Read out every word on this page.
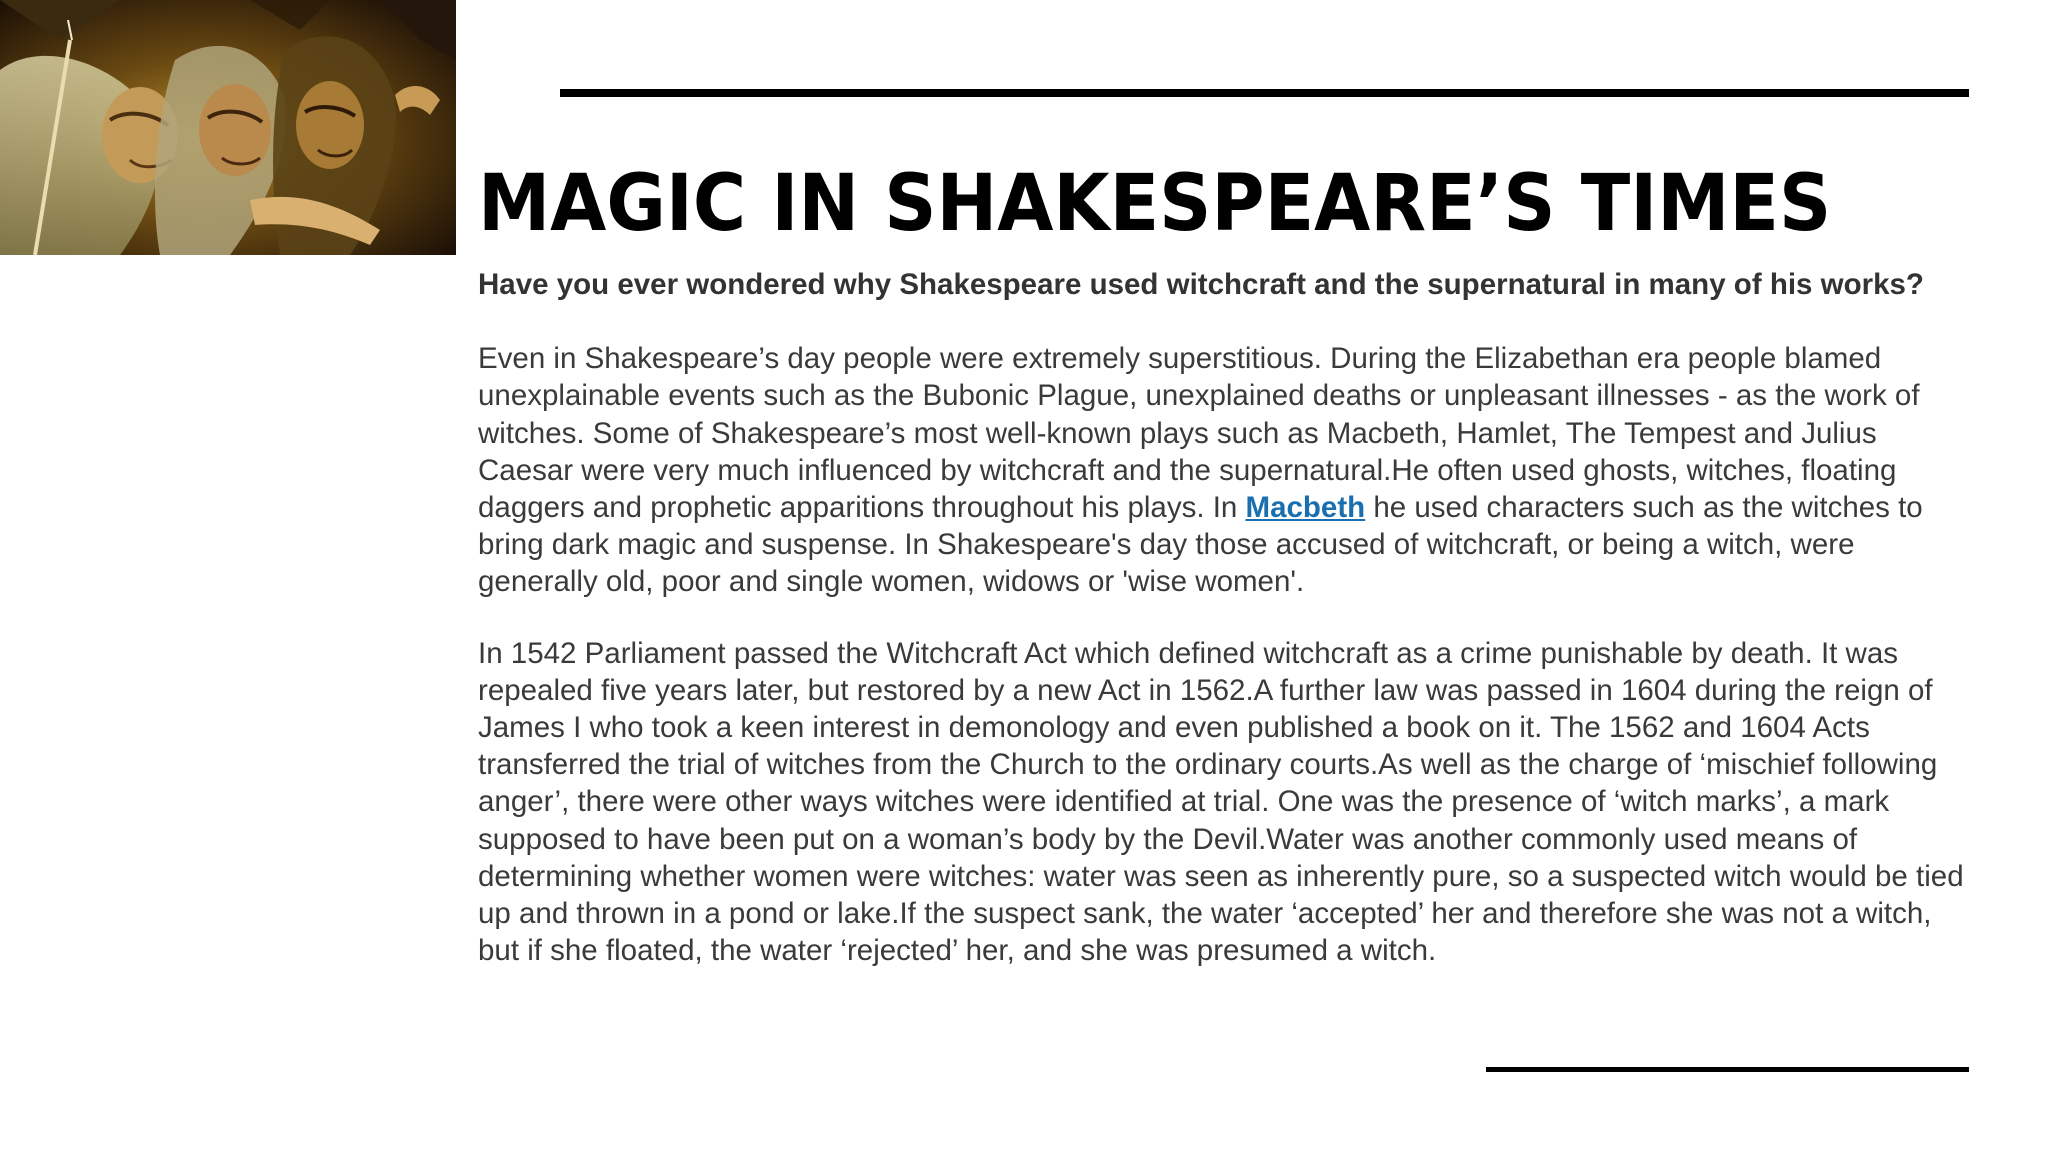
MAGIC IN SHAKESPEARE’S TIMES

Have you ever wondered why Shakespeare used witchcraft and the supernatural in many of his works?

Even in Shakespeare’s day people were extremely superstitious. During the Elizabethan era people blamed unexplainable events such as the Bubonic Plague, unexplained deaths or unpleasant illnesses - as the work of witches. Some of Shakespeare’s most well-known plays such as Macbeth, Hamlet, The Tempest and Julius Caesar were very much influenced by witchcraft and the supernatural.He often used ghosts, witches, floating daggers and prophetic apparitions throughout his plays. In Macbeth he used characters such as the witches to bring dark magic and suspense. In Shakespeare's day those accused of witchcraft, or being a witch, were generally old, poor and single women, widows or 'wise women'.

In 1542 Parliament passed the Witchcraft Act which defined witchcraft as a crime punishable by death. It was repealed five years later, but restored by a new Act in 1562.A further law was passed in 1604 during the reign of James I who took a keen interest in demonology and even published a book on it. The 1562 and 1604 Acts transferred the trial of witches from the Church to the ordinary courts.As well as the charge of ‘mischief following anger’, there were other ways witches were identified at trial. One was the presence of ‘witch marks’, a mark supposed to have been put on a woman’s body by the Devil.Water was another commonly used means of determining whether women were witches: water was seen as inherently pure, so a suspected witch would be tied up and thrown in a pond or lake.If the suspect sank, the water ‘accepted’ her and therefore she was not a witch, but if she floated, the water ‘rejected’ her, and she was presumed a witch.
